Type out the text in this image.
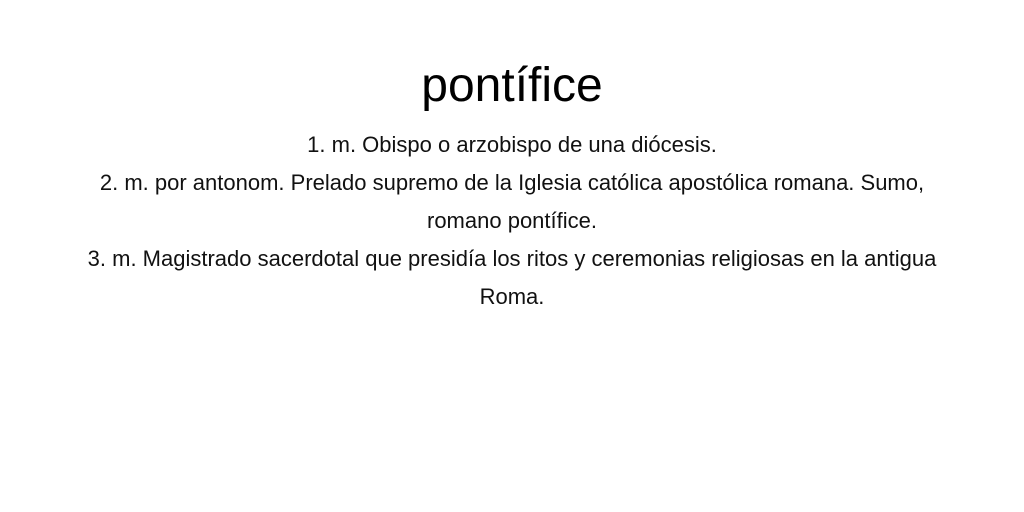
pontífice
1. m. Obispo o arzobispo de una diócesis.
2. m. por antonom. Prelado supremo de la Iglesia católica apostólica romana. Sumo, romano pontífice.
3. m. Magistrado sacerdotal que presidía los ritos y ceremonias religiosas en la antigua Roma.
